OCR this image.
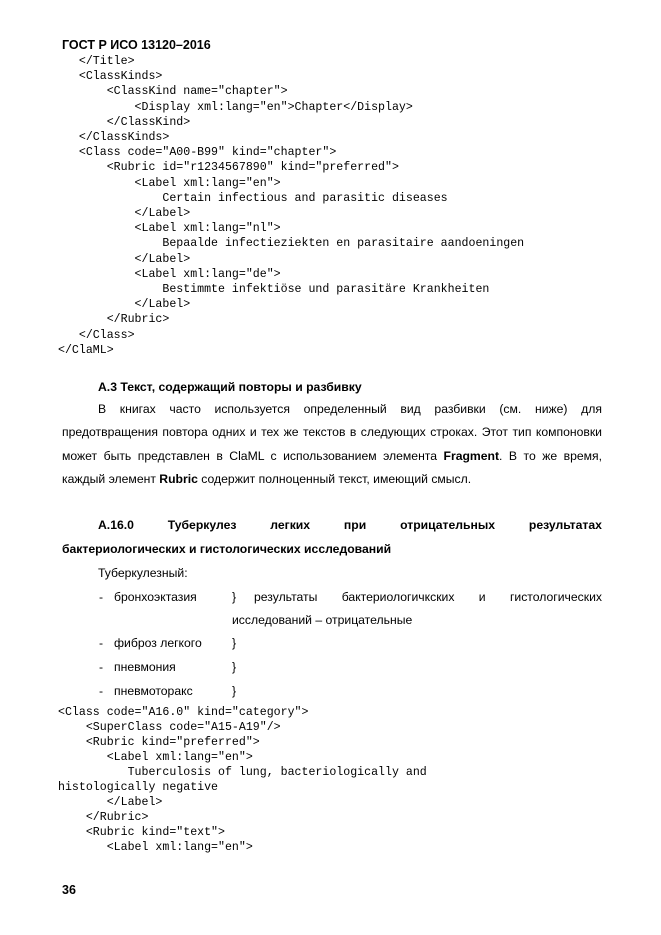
ГОСТ Р ИСО 13120–2016
</Title>
<ClassKinds>
<ClassKind name="chapter">
<Display xml:lang="en">Chapter</Display>
</ClassKind>
</ClassKinds>
<Class code="A00-B99" kind="chapter">
<Rubric id="r1234567890" kind="preferred">
<Label xml:lang="en">
Certain infectious and parasitic diseases
</Label>
<Label xml:lang="nl">
Bepaalde infectieziekten en parasitaire aandoeningen
</Label>
<Label xml:lang="de">
Bestimmte infektiöse und parasitäre Krankheiten
</Label>
</Rubric>
</Class>
</ClaML>
А.3 Текст, содержащий повторы и разбивку

В книгах часто используется определенный вид разбивки (см. ниже) для предотвращения повтора одних и тех же текстов в следующих строках. Этот тип компоновки может быть представлен в ClaML с использованием элемента Fragment. В то же время, каждый элемент Rubric содержит полноценный текст, имеющий смысл.

А.16.0	Туберкулез	легких	при	отрицательных	результатах
бактериологических и гистологических исследований
Туберкулезный:
- бронхоэктазия	} результаты бактериологичкских и гистологических
исследований – отрицательные
- фиброз легкого }
- пневмония	}
- пневмоторакс	}
<Class code="A16.0" kind="category">
<SuperClass code="A15-A19"/>
<Rubric kind="preferred">
<Label xml:lang="en">
Tuberculosis of lung, bacteriologically and
histologically negative
</Label>
</Rubric>
<Rubric kind="text">
<Label xml:lang="en">
36
